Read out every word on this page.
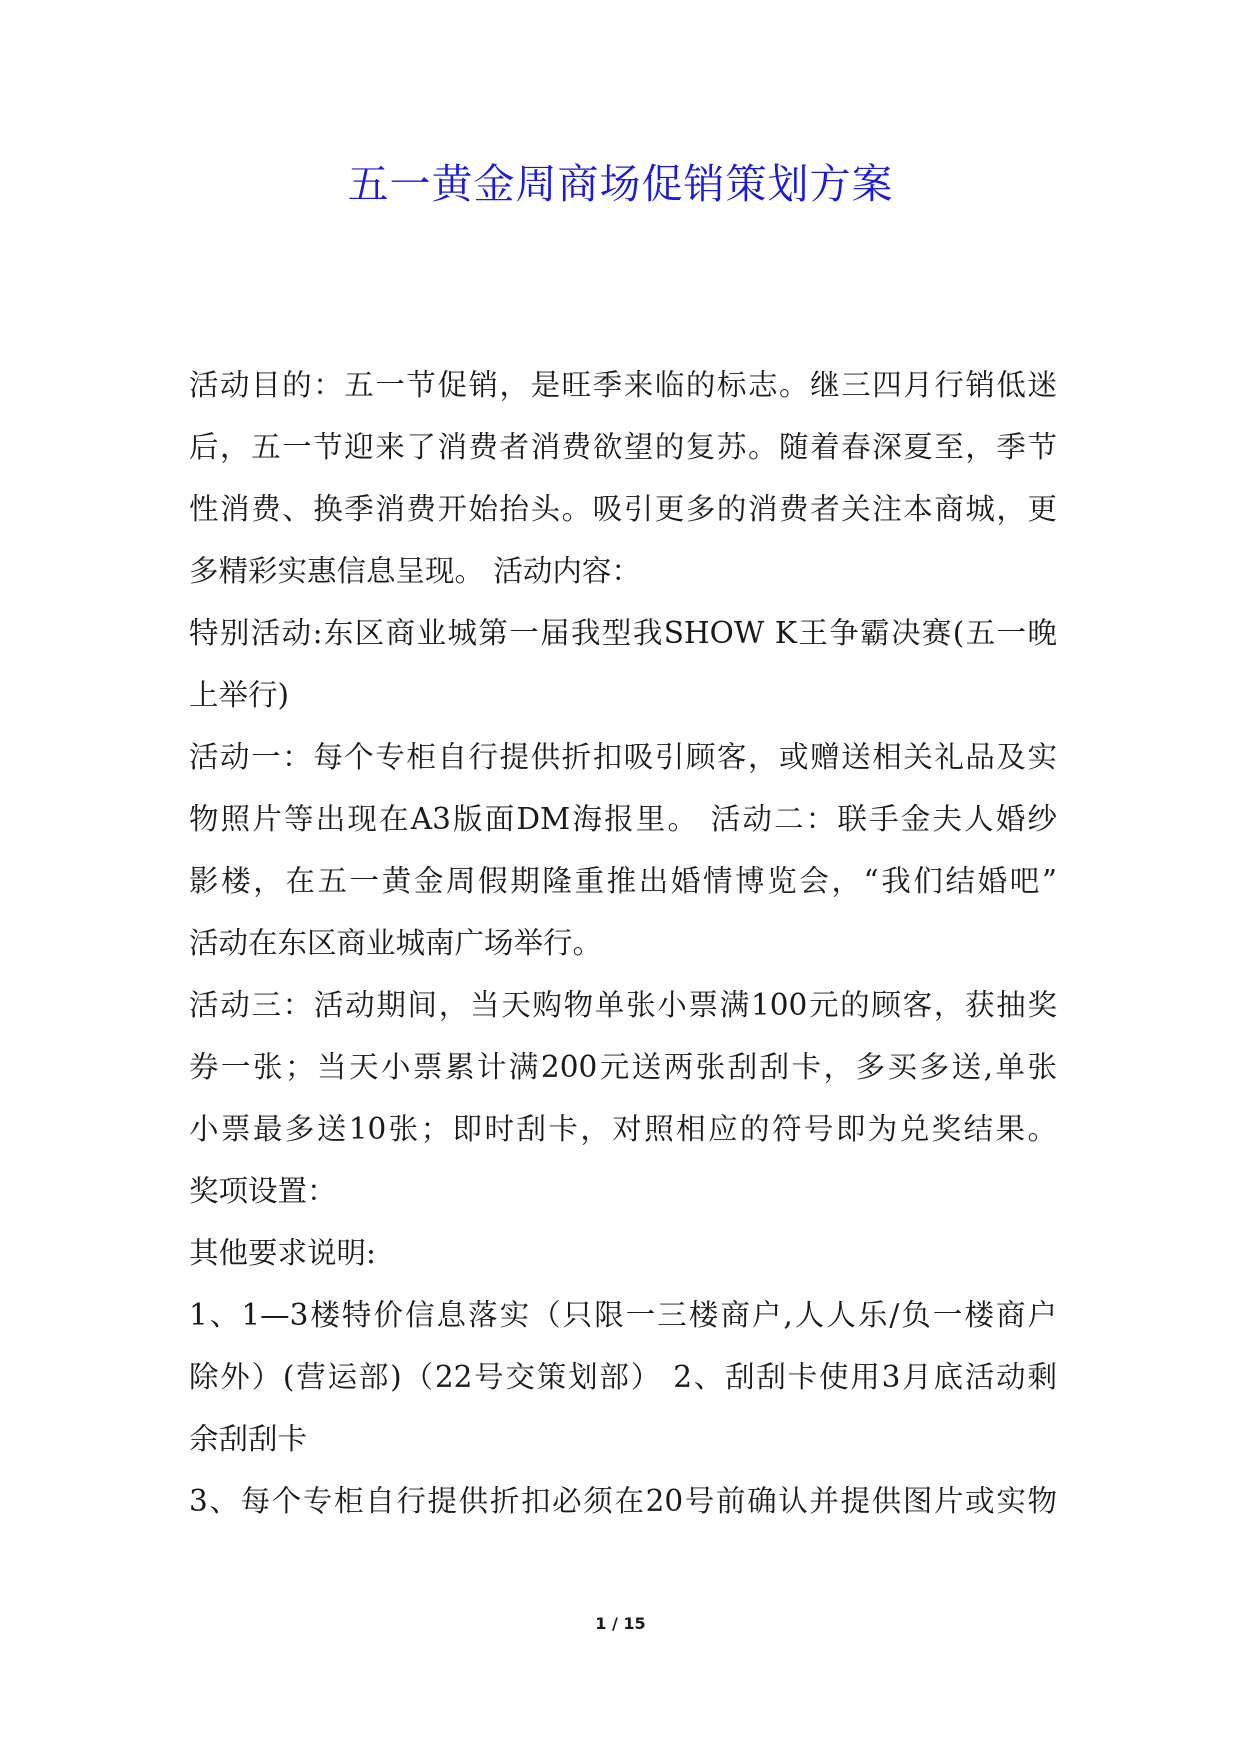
五一黄金周商场促销策划方案
活动目的：五一节促销，是旺季来临的标志。继三四月行销低迷
后，五一节迎来了消费者消费欲望的复苏。随着春深夏至，季节
性消费、换季消费开始抬头。吸引更多的消费者关注本商城，更
多精彩实惠信息呈现。 活动内容：
特别活动:东区商业城第一届我型我SHOW K王争霸决赛(五一晚
上举行)
活动一：每个专柜自行提供折扣吸引顾客，或赠送相关礼品及实
物照片等出现在A3版面DM海报里。 活动二：联手金夫人婚纱
影楼，在五一黄金周假期隆重推出婚情博览会，“我们结婚吧”
活动在东区商业城南广场举行。
活动三：活动期间，当天购物单张小票满100元的顾客，获抽奖
券一张；当天小票累计满200元送两张刮刮卡，多买多送,单张
小票最多送10张；即时刮卡，对照相应的符号即为兑奖结果。
奖项设置：
其他要求说明:
1、1—3楼特价信息落实（只限一三楼商户,人人乐/负一楼商户
除外）(营运部)（22号交策划部） 2、刮刮卡使用3月底活动剩
余刮刮卡
3、每个专柜自行提供折扣必须在20号前确认并提供图片或实物
1 / 15
